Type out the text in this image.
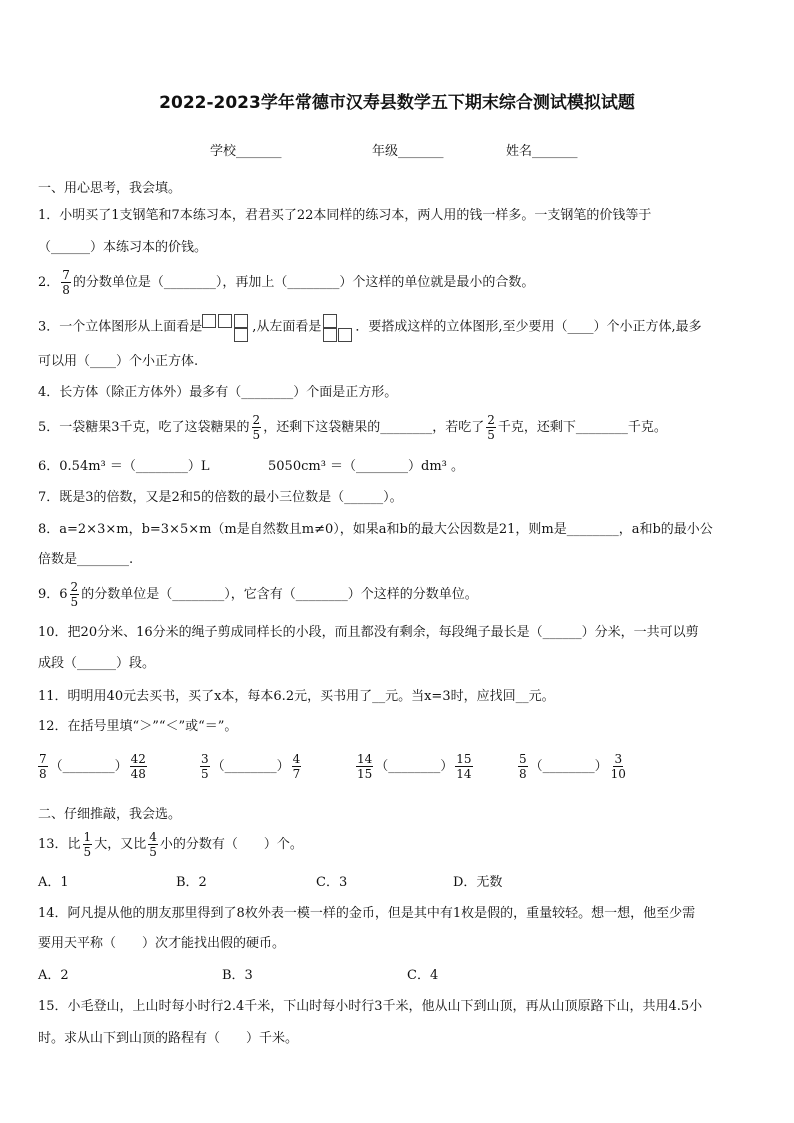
2022-2023学年常德市汉寿县数学五下期末综合测试模拟试题
学校_______	年级_______	姓名_______
一、用心思考，我会填。
1．小明买了1支钢笔和7本练习本，君君买了22本同样的练习本，两人用的钱一样多。一支钢笔的价钱等于
（______）本练习本的价钱。
2． $\frac{7}{8}$ 的分数单位是（________），再加上（________）个这样的单位就是最小的合数。
3．一个立体图形从上面看是	,从左面看是	．要搭成这样的立体图形,至少要用（____）个小正方体,最多
可以用（____）个小正方体.
4．长方体（除正方体外）最多有（________）个面是正方形。
5．一袋糖果3千克，吃了这袋糖果的 $\frac{2}{5}$ ，还剩下这袋糖果的________，若吃了 $\frac{2}{5}$ 千克，还剩下________千克。
6．0.54m³ ＝（________）L	5050cm³ ＝（________）dm³ 。
7．既是3的倍数，又是2和5的倍数的最小三位数是（______）。
8．a=2×3×m，b=3×5×m（m是自然数且m≠0），如果a和b的最大公因数是21，则m是________，a和b的最小公
倍数是________.
9．$6 \frac{2}{5}$ 的分数单位是（________），它含有（________）个这样的分数单位。
10．把20分米、16分米的绳子剪成同样长的小段，而且都没有剩余，每段绳子最长是（______）分米，一共可以剪
成段（______）段。
11．明明用40元去买书，买了x本，每本6.2元，买书用了__元。当x=3时，应找回__元。
12．在括号里填“＞”“＜”或“＝”。
$\frac{7}{8}$ （________） $\frac{42}{48}$	$\frac{3}{5}$ （________） $\frac{4}{7}$	$\frac{14}{15}$ （________） $\frac{15}{14}$	$\frac{5}{8}$ （________） $\frac{3}{10}$
二、仔细推敲，我会选。
13．比 $\frac{1}{5}$ 大，又比 $\frac{4}{5}$ 小的分数有（　　）个。
A．1	B．2	C．3	D．无数
14．阿凡提从他的朋友那里得到了8枚外表一模一样的金币，但是其中有1枚是假的，重量较轻。想一想，他至少需
要用天平称（　　）次才能找出假的硬币。
A．2	B．3	C．4
15．小毛登山，上山时每小时行2.4千米，下山时每小时行3千米，他从山下到山顶，再从山顶原路下山，共用4.5小
时。求从山下到山顶的路程有（　　）千米。
